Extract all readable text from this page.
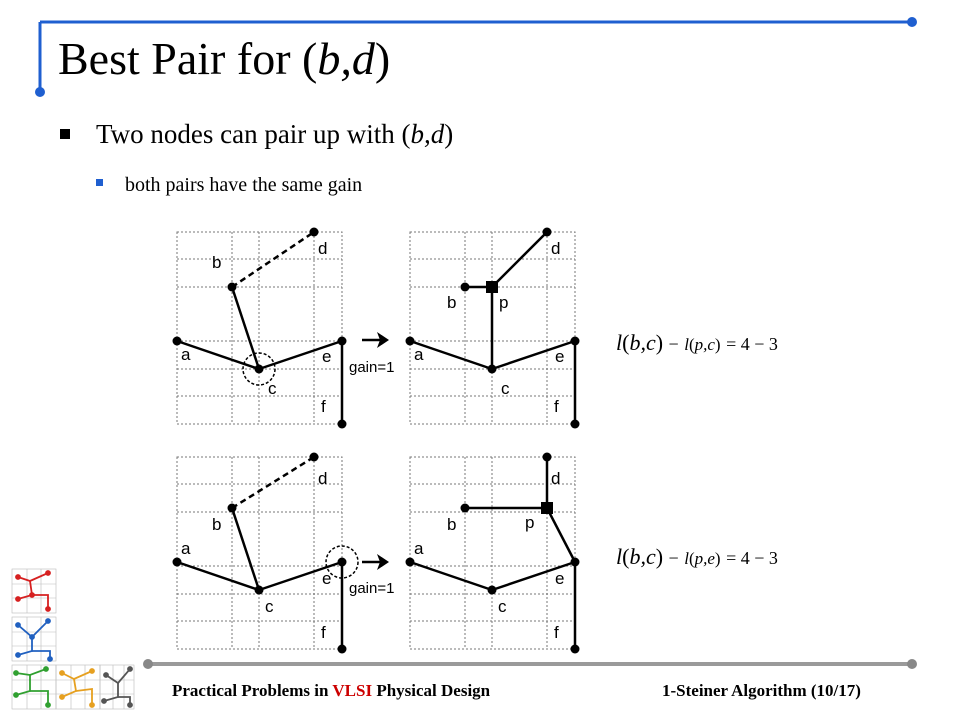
Best Pair for (b,d)
Two nodes can pair up with (b,d)
both pairs have the same gain
b
d
a	e
c
f
gain=1
b	p
d
a	e
c
f
d
b
a
e
c
f
gain=1
d
b	p
a
e
c
f
l(b,c) − l(p,c) = 4 − 3
l(b,c) − l(p,e) = 4 − 3
Practical Problems in VLSI Physical Design	1-Steiner Algorithm (10/17)
